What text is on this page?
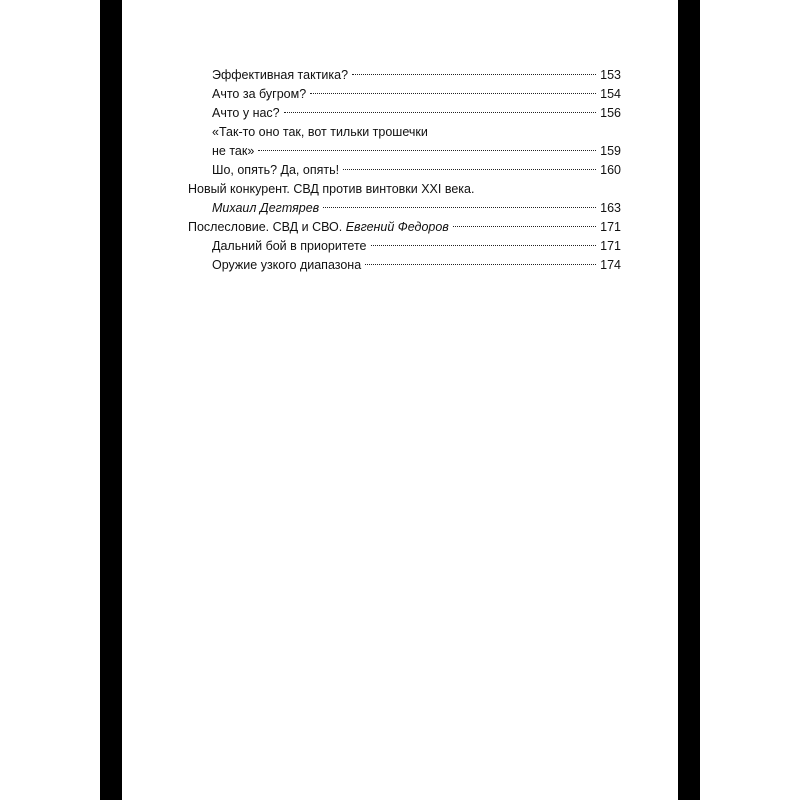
Эффективная тактика?	153
Ачто за бугром?	154
Ачто у нас?	156
«Так-то оно так, вот тильки трошечки
не так»	159
Шо, опять? Да, опять!	160
Новый конкурент. СВД против винтовки XXI века.
Михаил Дегтярев	163
Послесловие. СВД и СВО. Евгений Федоров	171
Дальний бой в приоритете	171
Оружие узкого диапазона	174
